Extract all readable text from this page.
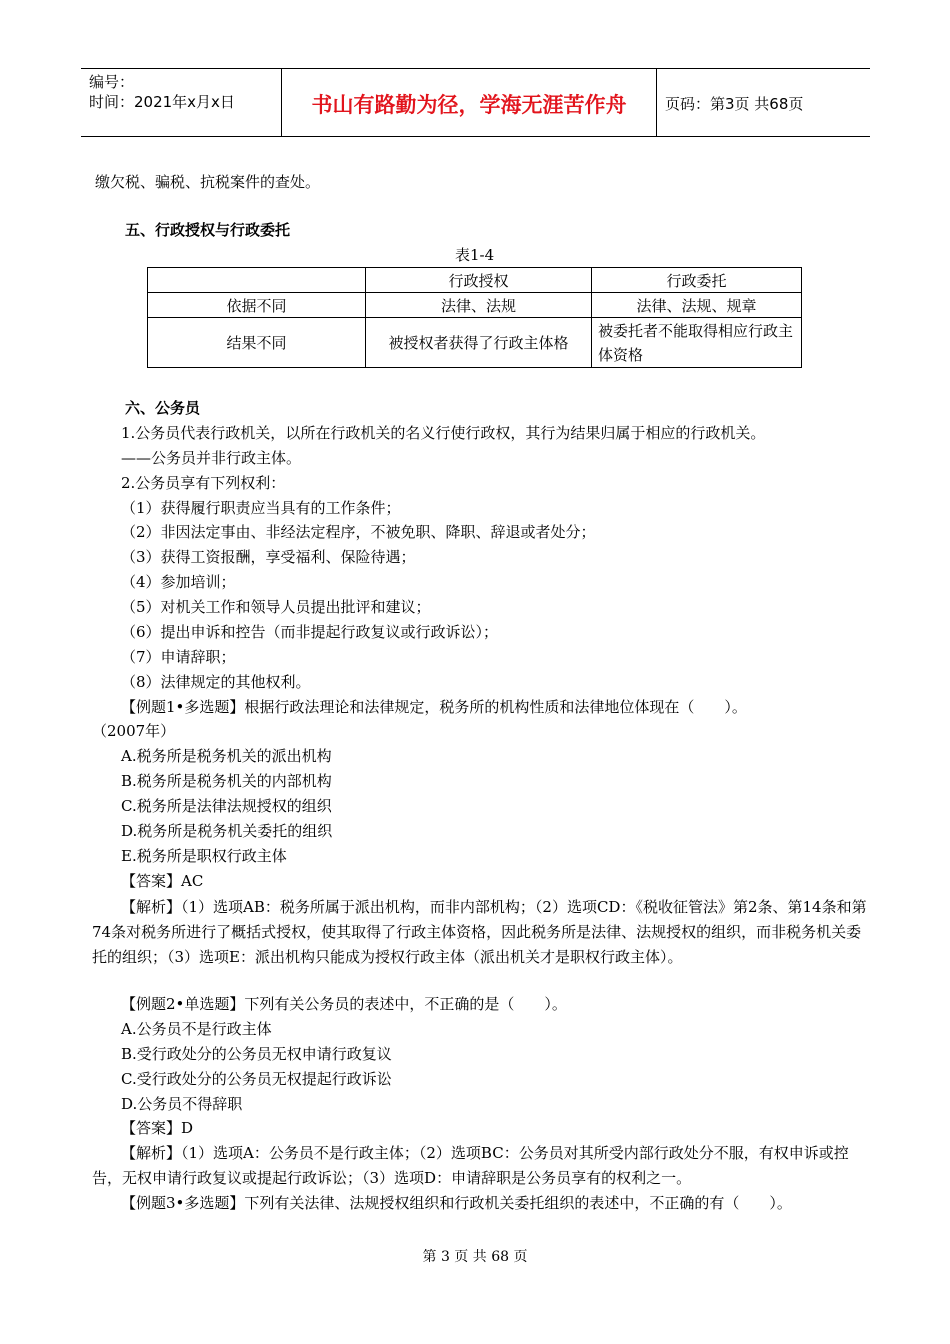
编号：
时间：2021年x月x日	书山有路勤为径，学海无涯苦作舟	页码：第3页 共68页
缴欠税、骗税、抗税案件的查处。
五、行政授权与行政委托
表1-4
	行政授权	行政委托
依据不同	法律、法规	法律、法规、规章
结果不同	被授权者获得了行政主体格	被委托者不能取得相应行政主体资格
六、公务员
1.公务员代表行政机关，以所在行政机关的名义行使行政权，其行为结果归属于相应的行政机关。
——公务员并非行政主体。
2.公务员享有下列权利：
（1）获得履行职责应当具有的工作条件；
（2）非因法定事由、非经法定程序，不被免职、降职、辞退或者处分；
（3）获得工资报酬，享受福利、保险待遇；
（4）参加培训；
（5）对机关工作和领导人员提出批评和建议；
（6）提出申诉和控告（而非提起行政复议或行政诉讼）；
（7）申请辞职；
（8）法律规定的其他权利。
【例题1•多选题】根据行政法理论和法律规定，税务所的机构性质和法律地位体现在（　　）。
（2007年）
A.税务所是税务机关的派出机构
B.税务所是税务机关的内部机构
C.税务所是法律法规授权的组织
D.税务所是税务机关委托的组织
E.税务所是职权行政主体
【答案】AC
【解析】（1）选项AB：税务所属于派出机构，而非内部机构；（2）选项CD：《税收征管法》第2条、第14条和第74条对税务所进行了概括式授权，使其取得了行政主体资格，因此税务所是法律、法规授权的组织，而非税务机关委托的组织；（3）选项E：派出机构只能成为授权行政主体（派出机关才是职权行政主体）。
【例题2•单选题】下列有关公务员的表述中，不正确的是（　　）。
A.公务员不是行政主体
B.受行政处分的公务员无权申请行政复议
C.受行政处分的公务员无权提起行政诉讼
D.公务员不得辞职
【答案】D
【解析】（1）选项A：公务员不是行政主体；（2）选项BC：公务员对其所受内部行政处分不服，有权申诉或控告，无权申请行政复议或提起行政诉讼；（3）选项D：申请辞职是公务员享有的权利之一。
【例题3•多选题】下列有关法律、法规授权组织和行政机关委托组织的表述中，不正确的有（　　）。
第 3 页 共 68 页
